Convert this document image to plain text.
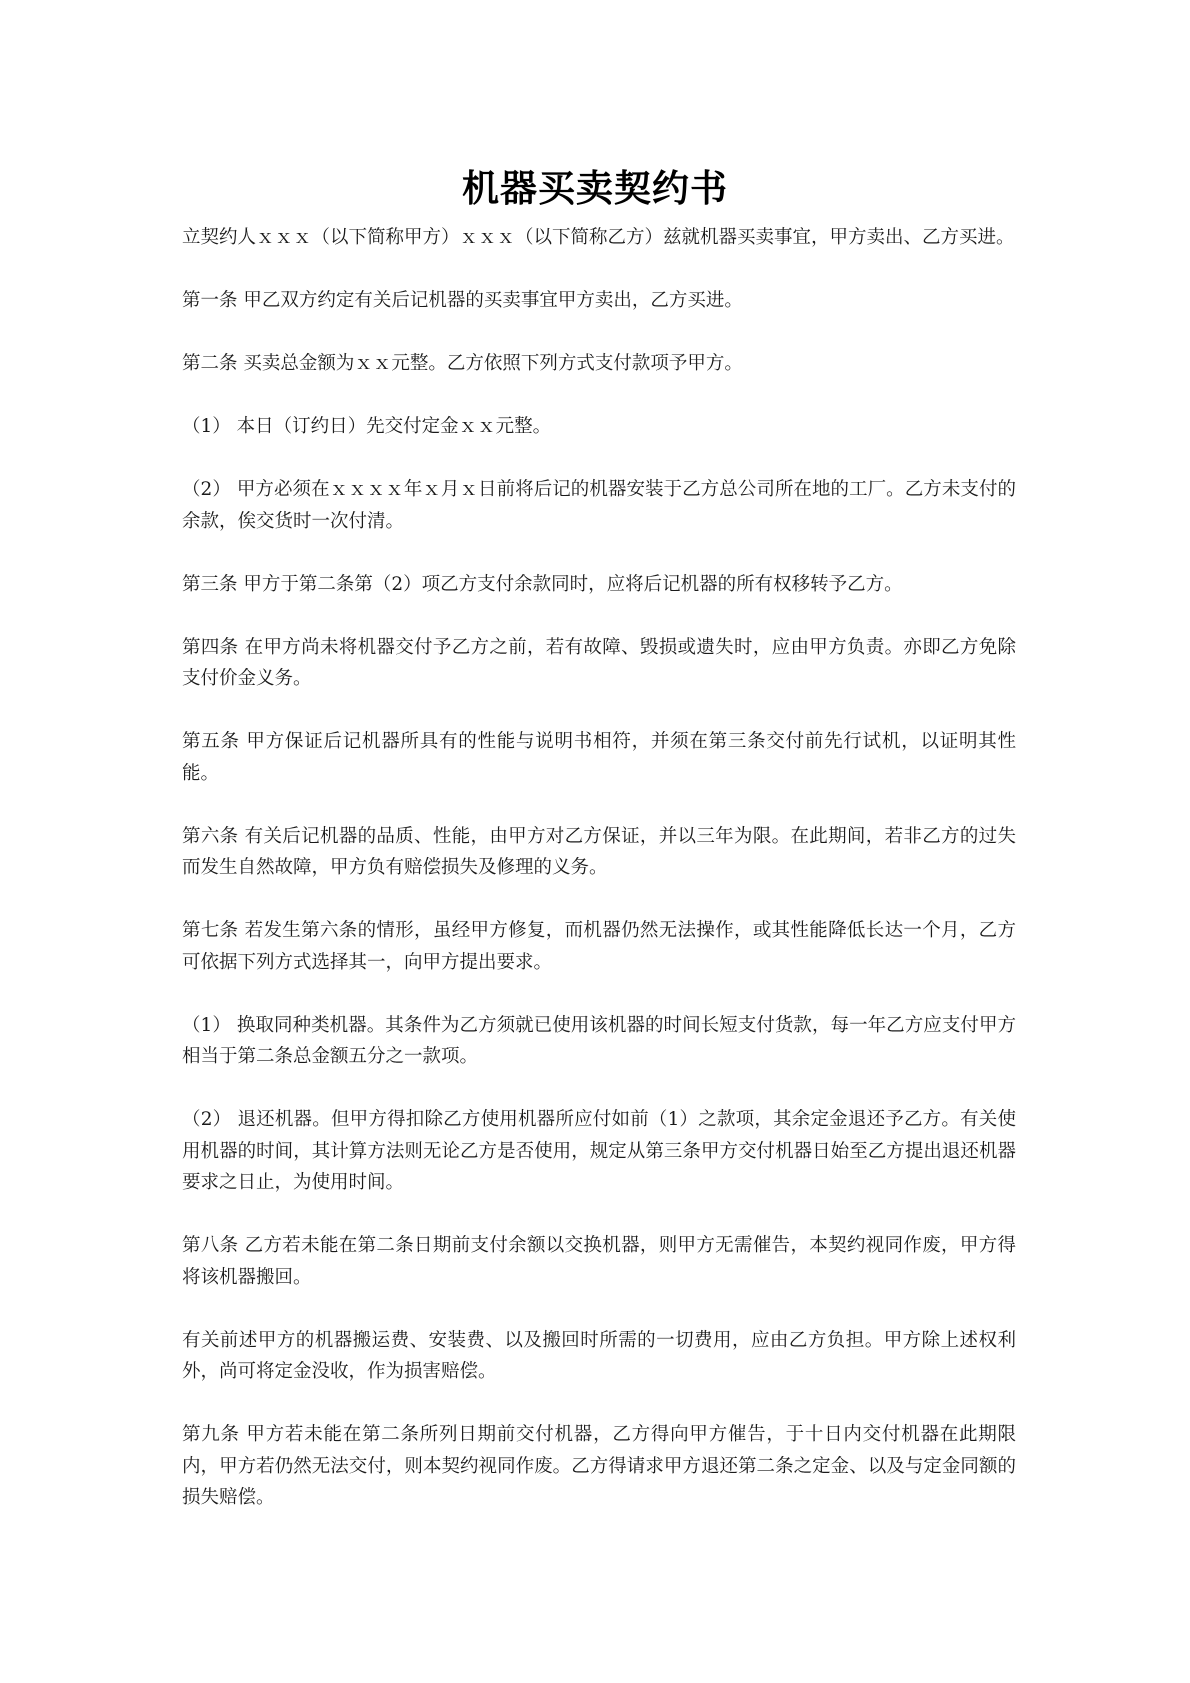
机器买卖契约书

立契约人ｘｘｘ（以下简称甲方）ｘｘｘ（以下简称乙方）兹就机器买卖事宜，甲方卖出、乙方买进。

第一条 甲乙双方约定有关后记机器的买卖事宜甲方卖出，乙方买进。

第二条 买卖总金额为ｘｘ元整。乙方依照下列方式支付款项予甲方。

（1） 本日（订约日）先交付定金ｘｘ元整。

（2） 甲方必须在ｘｘｘｘ年ｘ月ｘ日前将后记的机器安装于乙方总公司所在地的工厂。乙方未支付的余款，俟交货时一次付清。

第三条 甲方于第二条第（2）项乙方支付余款同时，应将后记机器的所有权移转予乙方。

第四条 在甲方尚未将机器交付予乙方之前，若有故障、毁损或遗失时，应由甲方负责。亦即乙方免除支付价金义务。

第五条 甲方保证后记机器所具有的性能与说明书相符，并须在第三条交付前先行试机，以证明其性能。

第六条 有关后记机器的品质、性能，由甲方对乙方保证，并以三年为限。在此期间，若非乙方的过失而发生自然故障，甲方负有赔偿损失及修理的义务。

第七条 若发生第六条的情形，虽经甲方修复，而机器仍然无法操作，或其性能降低长达一个月，乙方可依据下列方式选择其一，向甲方提出要求。

（1） 换取同种类机器。其条件为乙方须就已使用该机器的时间长短支付货款，每一年乙方应支付甲方相当于第二条总金额五分之一款项。

（2） 退还机器。但甲方得扣除乙方使用机器所应付如前（1）之款项，其余定金退还予乙方。有关使用机器的时间，其计算方法则无论乙方是否使用，规定从第三条甲方交付机器日始至乙方提出退还机器要求之日止，为使用时间。

第八条 乙方若未能在第二条日期前支付余额以交换机器，则甲方无需催告，本契约视同作废，甲方得将该机器搬回。

有关前述甲方的机器搬运费、安装费、以及搬回时所需的一切费用，应由乙方负担。甲方除上述权利外，尚可将定金没收，作为损害赔偿。

第九条 甲方若未能在第二条所列日期前交付机器，乙方得向甲方催告，于十日内交付机器在此期限内，甲方若仍然无法交付，则本契约视同作废。乙方得请求甲方退还第二条之定金、以及与定金同额的损失赔偿。
